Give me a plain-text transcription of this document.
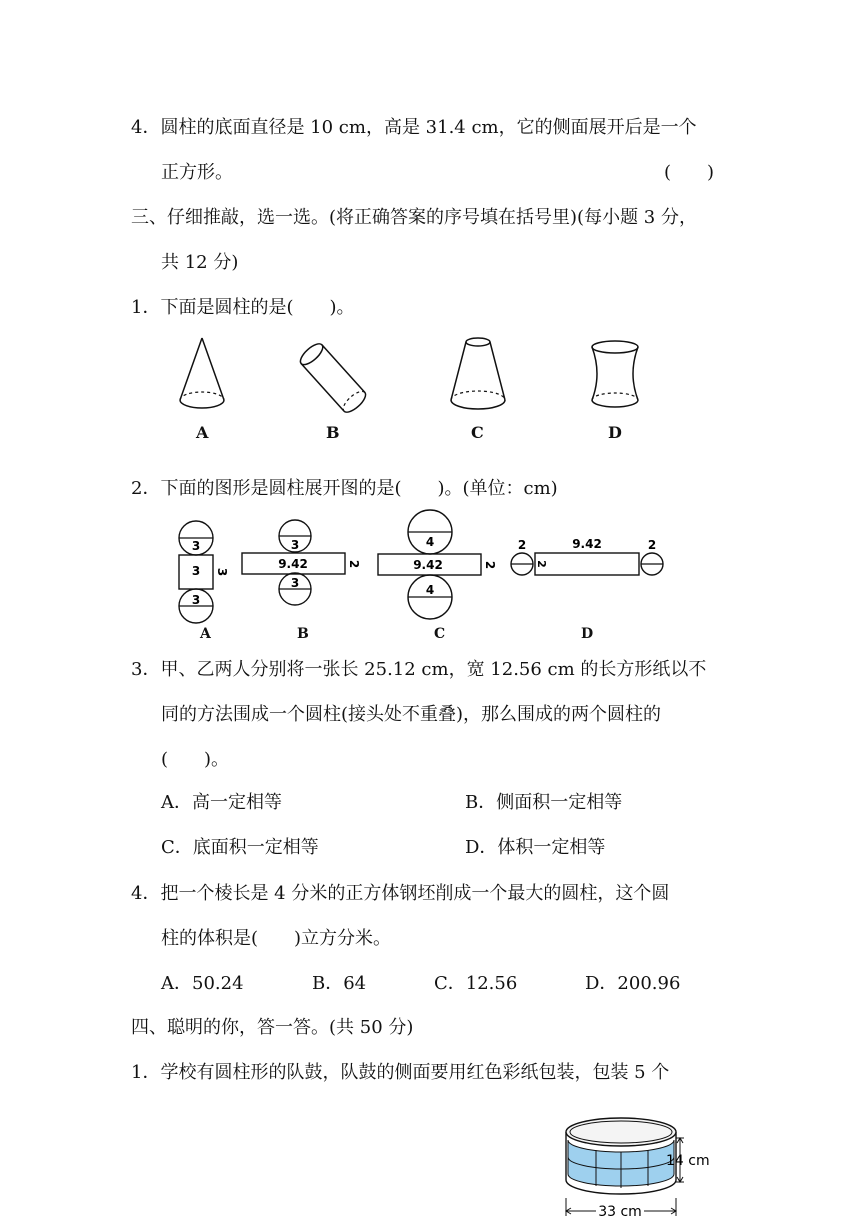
4．圆柱的底面直径是 10 cm，高是 31.4 cm，它的侧面展开后是一个
正方形。	(　　)
三、仔细推敲，选一选。(将正确答案的序号填在括号里)(每小题 3 分，
共 12 分)
1．下面是圆柱的是(　　)。
A	B	C	D
2．下面的图形是圆柱展开图的是(　　)。(单位：cm)
3
3 3
3
3
9.42	2
3
4
9.42	2
4
2	9.42
2
2
A	B	C	D
3．甲、乙两人分别将一张长 25.12 cm，宽 12.56 cm 的长方形纸以不
同的方法围成一个圆柱(接头处不重叠)，那么围成的两个圆柱的
(　　)。
A．高一定相等	B．侧面积一定相等
C．底面积一定相等	D．体积一定相等
4．把一个棱长是 4 分米的正方体钢坯削成一个最大的圆柱，这个圆
柱的体积是(　　)立方分米。
A．50.24	B．64	C．12.56	D．200.96
四、聪明的你，答一答。(共 50 分)
1．学校有圆柱形的队鼓，队鼓的侧面要用红色彩纸包装，包装 5 个
14 cm
33 cm
